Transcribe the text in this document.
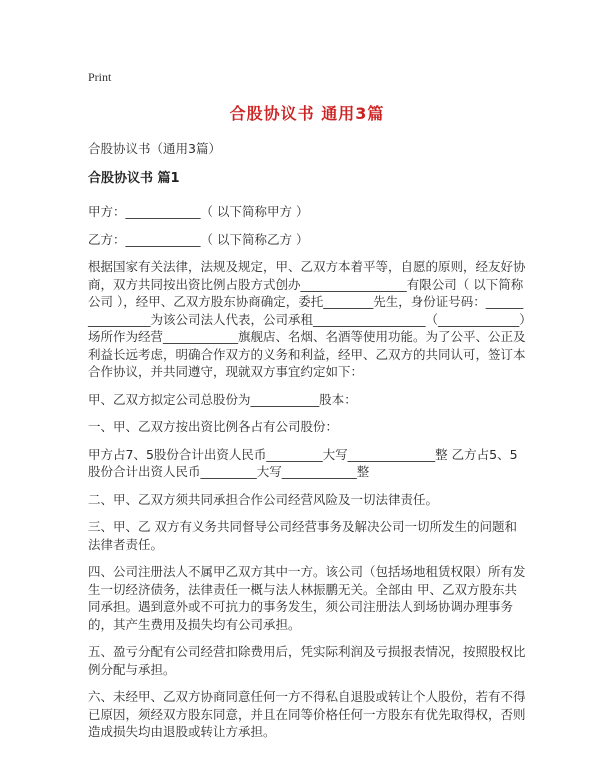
Print
合股协议书 通用3篇

合股协议书（通用3篇）

合股协议书 篇1

甲方：____________（ 以下简称甲方 ）

乙方：____________（ 以下简称乙方 ）

根据国家有关法律，法规及规定，甲、乙双方本着平等，自愿的原则，经友好协商，双方共同按出资比例占股方式创办_________________有限公司（ 以下简称公司 ），经甲、乙双方股东协商确定，委托________先生，身份证号码：________________为该公司法人代表，公司承租__________________（_____________）场所作为经营____________旗舰店、名烟、名酒等使用功能。为了公平、公正及利益长远考虑，明确合作双方的义务和利益，经甲、乙双方的共同认可，签订本合作协议，并共同遵守，现就双方事宜约定如下：

甲、乙双方拟定公司总股份为___________股本：

一、甲、乙双方按出资比例各占有公司股份：

甲方占7、5股份合计出资人民币_________大写______________整 乙方占5、5股份合计出资人民币_________大写____________整

二、甲、乙双方须共同承担合作公司经营风险及一切法律责任。

三、甲、乙 双方有义务共同督导公司经营事务及解决公司一切所发生的问题和法律者责任。

四、公司注册法人不属甲乙双方其中一方。该公司（包括场地租赁权限）所有发生一切经济债务，法律责任一概与法人林振鹏无关。全部由 甲、乙双方股东共同承担。遇到意外或不可抗力的事务发生，须公司注册法人到场协调办理事务的，其产生费用及损失均有公司承担。

五、盈亏分配有公司经营扣除费用后，凭实际利润及亏损报表情况，按照股权比例分配与承担。

六、未经甲、乙双方协商同意任何一方不得私自退股或转让个人股份，若有不得已原因，须经双方股东同意，并且在同等价格任何一方股东有优先取得权，否则造成损失均由退股或转让方承担。
